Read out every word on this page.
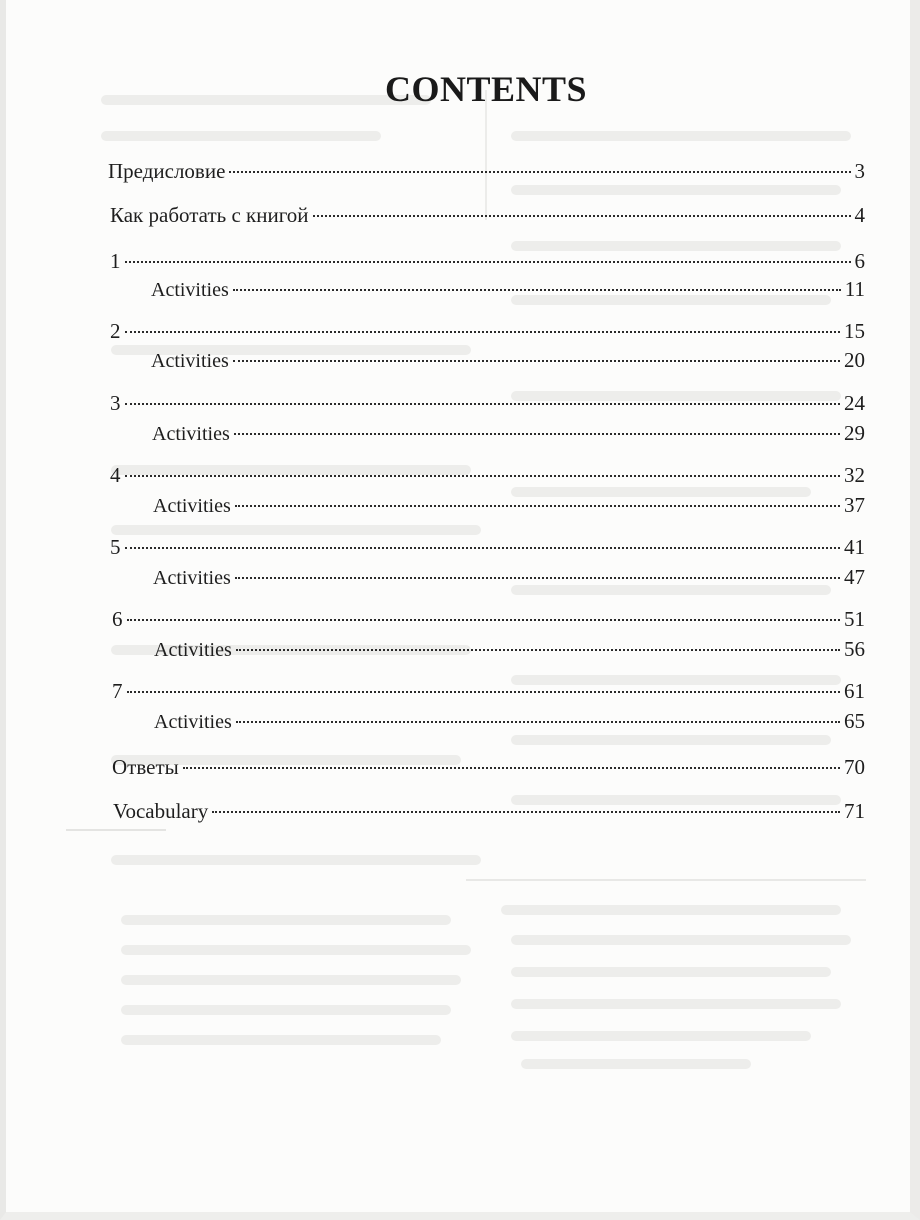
CONTENTS
Предисловие	3
Как работать с книгой	4
1	6
Activities	11
2	15
Activities	20
3	24
Activities	29
4	32
Activities	37
5	41
Activities	47
6	51
Activities	56
7	61
Activities	65
Ответы	70
Vocabulary	71
